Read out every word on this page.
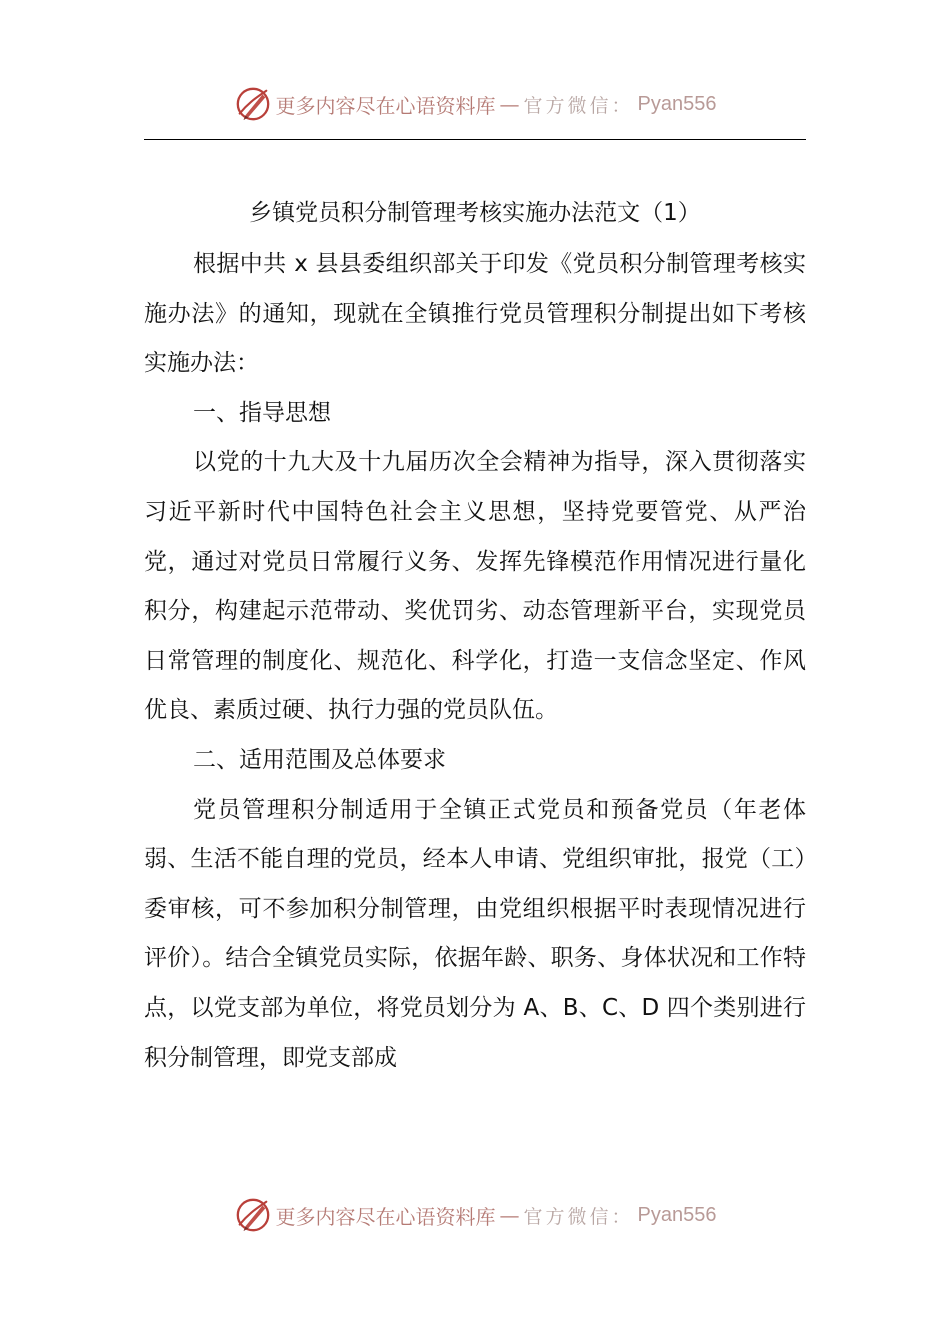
更多内容尽在心语资料库 — 官方微信： Pyan556
乡镇党员积分制管理考核实施办法范文（1）

根据中共 x 县县委组织部关于印发《党员积分制管理考核实施办法》的通知，现就在全镇推行党员管理积分制提出如下考核实施办法：

一、指导思想

以党的十九大及十九届历次全会精神为指导，深入贯彻落实习近平新时代中国特色社会主义思想，坚持党要管党、从严治党，通过对党员日常履行义务、发挥先锋模范作用情况进行量化积分，构建起示范带动、奖优罚劣、动态管理新平台，实现党员日常管理的制度化、规范化、科学化，打造一支信念坚定、作风优良、素质过硬、执行力强的党员队伍。

二、适用范围及总体要求

党员管理积分制适用于全镇正式党员和预备党员（年老体弱、生活不能自理的党员，经本人申请、党组织审批，报党（工）委审核，可不参加积分制管理，由党组织根据平时表现情况进行评价）。结合全镇党员实际，依据年龄、职务、身体状况和工作特点，以党支部为单位，将党员划分为 A、B、C、D 四个类别进行积分制管理，即党支部成

更多内容尽在心语资料库 — 官方微信： Pyan556
